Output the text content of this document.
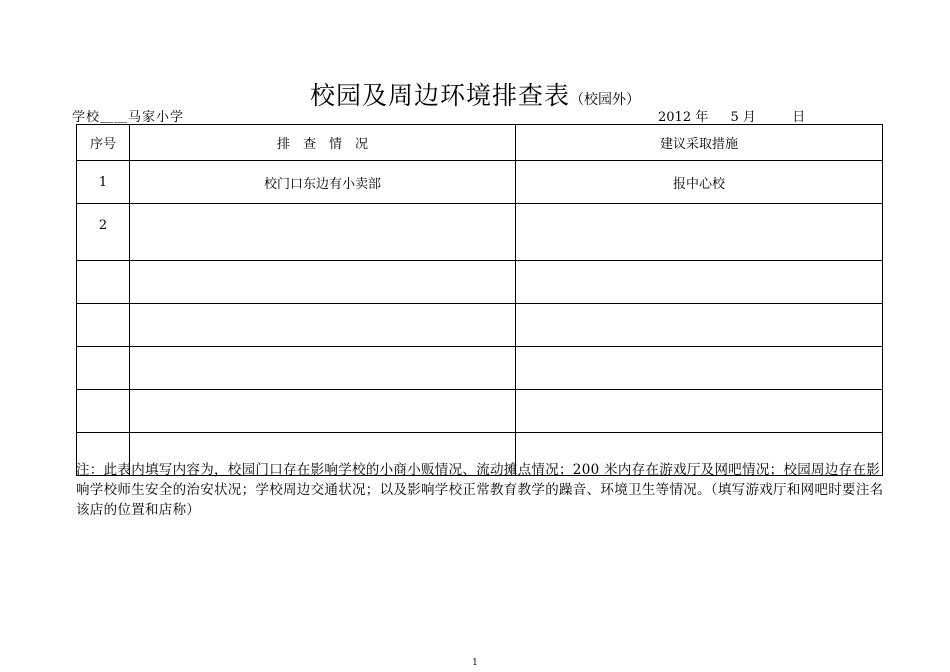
校园及周边环境排查表（校园外）
学校＿＿马家小学	2012 年 5 月	日
序号	排　查　情　况	建议采取措施
1	校门口东边有小卖部	报中心校
2		

注：此表内填写内容为，校园门口存在影响学校的小商小贩情况、流动摊点情况；200 米内存在游戏厅及网吧情况；校园周边存在影响学校师生安全的治安状况；学校周边交通状况；以及影响学校正常教育教学的躁音、环境卫生等情况。（填写游戏厅和网吧时要注名该店的位置和店称）
1
